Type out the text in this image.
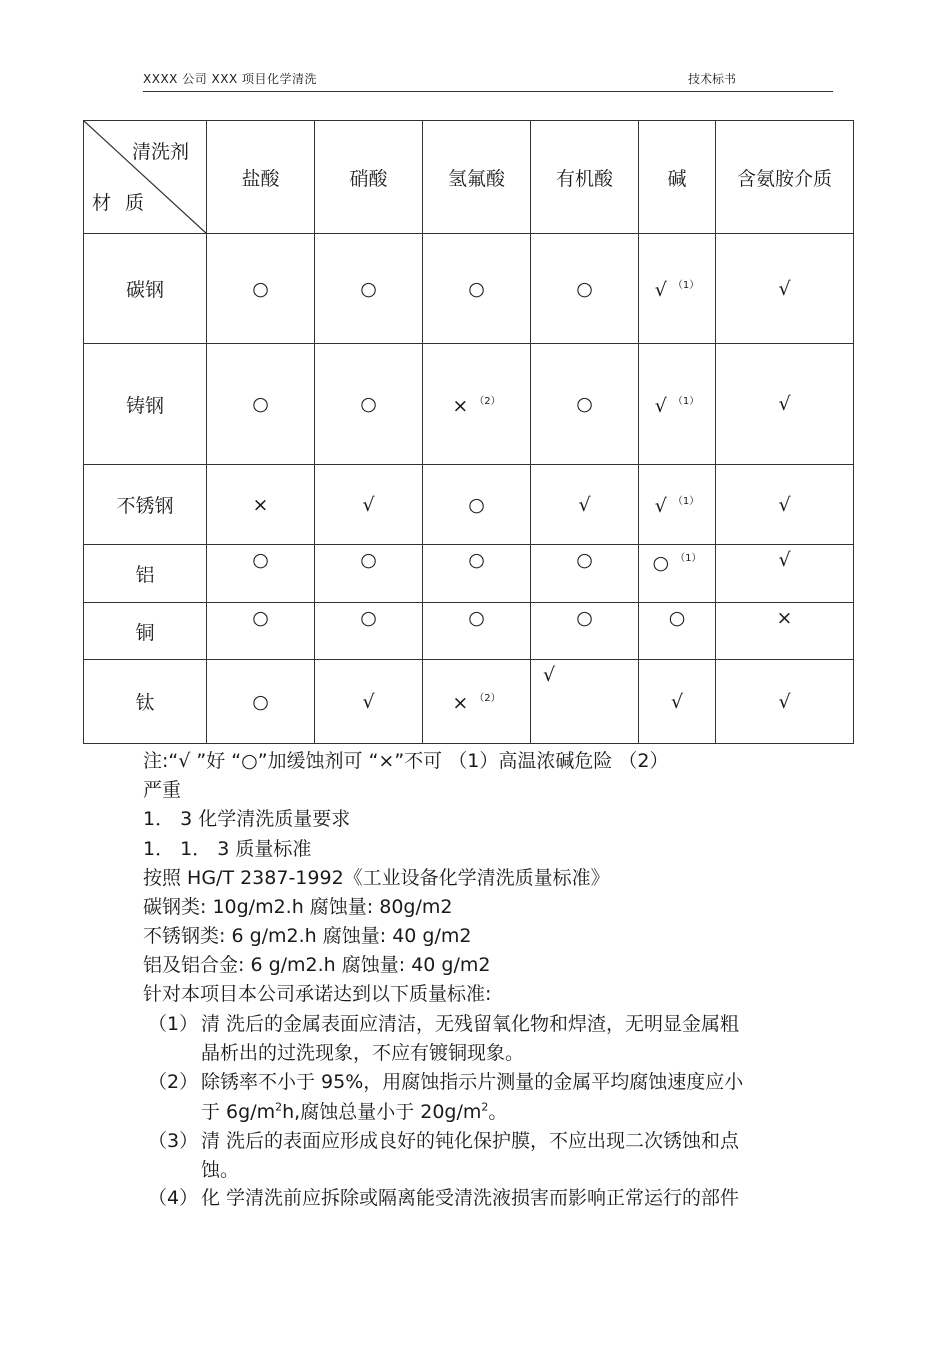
XXXX 公司 XXX 项目化学清洗	技术标书
清洗剂
材 质	盐酸	硝酸	氢氟酸	有机酸	碱	含氨胺介质
碳钢	○	○	○	○	√ $^{(1)}$	√
铸钢	○	○	× $^{(2)}$	○	√ $^{(1)}$	√
不锈钢	×	√	○	√	√ $^{(1)}$	√
铝	○	○	○	○	○ $^{(1)}$	√
铜	○	○	○	○	○	×
钛	○	√	× $^{(2)}$	√	√	√
注:“√ ”好 “○”加缓蚀剂可 “×”不可 （1）高温浓碱危险 （2）
严重
1． 3 化学清洗质量要求
1． 1． 3 质量标准
按照 HG/T 2387-1992《工业设备化学清洗质量标准》
碳钢类: 10g/m2.h 腐蚀量: 80g/m2
不锈钢类: 6 g/m2.h 腐蚀量: 40 g/m2
铝及铝合金: 6 g/m2.h 腐蚀量: 40 g/m2
针对本项目本公司承诺达到以下质量标准:
（1） 清 洗后的金属表面应清洁，无残留氧化物和焊渣，无明显金属粗
晶析出的过洗现象，不应有镀铜现象。
（2） 除锈率不小于 95%，用腐蚀指示片测量的金属平均腐蚀速度应小
于 $6g/m^2h$,腐蚀总量小于 $20g/m^2$。
（3） 清 洗后的表面应形成良好的钝化保护膜，不应出现二次锈蚀和点
蚀。
（4） 化 学清洗前应拆除或隔离能受清洗液损害而影响正常运行的部件
